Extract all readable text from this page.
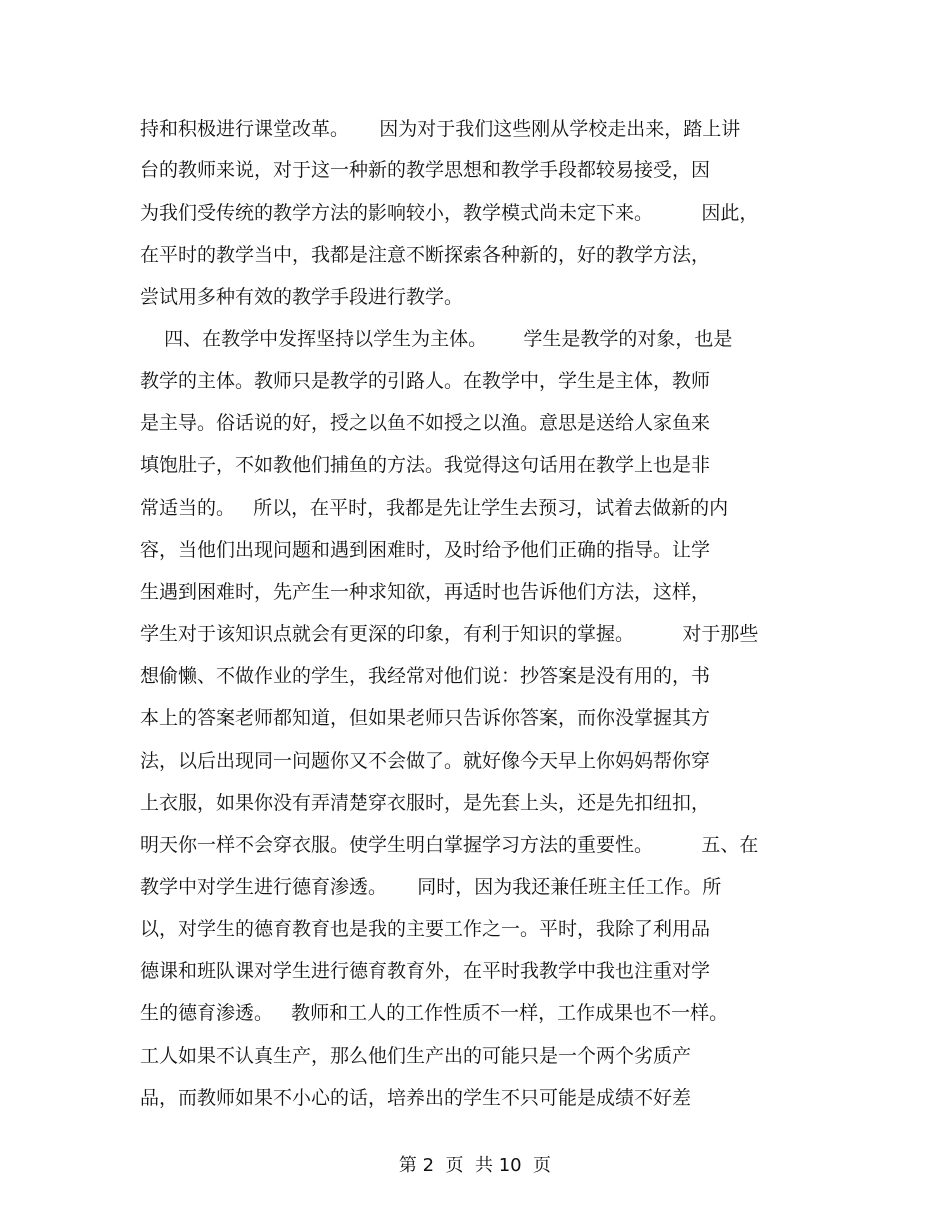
持和积极进行课堂改革。     因为对于我们这些刚从学校走出来，踏上讲
台的教师来说，对于这一种新的教学思想和教学手段都较易接受，因
为我们受传统的教学方法的影响较小，教学模式尚未定下来。        因此，
在平时的教学当中，我都是注意不断探索各种新的，好的教学方法，
尝试用多种有效的教学手段进行教学。
四、在教学中发挥坚持以学生为主体。      学生是教学的对象，也是
教学的主体。教师只是教学的引路人。在教学中，学生是主体，教师
是主导。俗话说的好，授之以鱼不如授之以渔。意思是送给人家鱼来
填饱肚子，不如教他们捕鱼的方法。我觉得这句话用在教学上也是非
常适当的。   所以，在平时，我都是先让学生去预习，试着去做新的内
容，当他们出现问题和遇到困难时，及时给予他们正确的指导。让学
生遇到困难时，先产生一种求知欲，再适时也告诉他们方法，这样，
学生对于该知识点就会有更深的印象，有利于知识的掌握。        对于那些
想偷懒、不做作业的学生，我经常对他们说：抄答案是没有用的，书
本上的答案老师都知道，但如果老师只告诉你答案，而你没掌握其方
法，以后出现同一问题你又不会做了。就好像今天早上你妈妈帮你穿
上衣服，如果你没有弄清楚穿衣服时，是先套上头，还是先扣纽扣，
明天你一样不会穿衣服。使学生明白掌握学习方法的重要性。        五、在
教学中对学生进行德育渗透。     同时，因为我还兼任班主任工作。所
以，对学生的德育教育也是我的主要工作之一。平时，我除了利用品
德课和班队课对学生进行德育教育外，在平时我教学中我也注重对学
生的德育渗透。   教师和工人的工作性质不一样，工作成果也不一样。
工人如果不认真生产，那么他们生产出的可能只是一个两个劣质产
品，而教师如果不小心的话，培养出的学生不只可能是成绩不好差
第 2  页  共 10  页
